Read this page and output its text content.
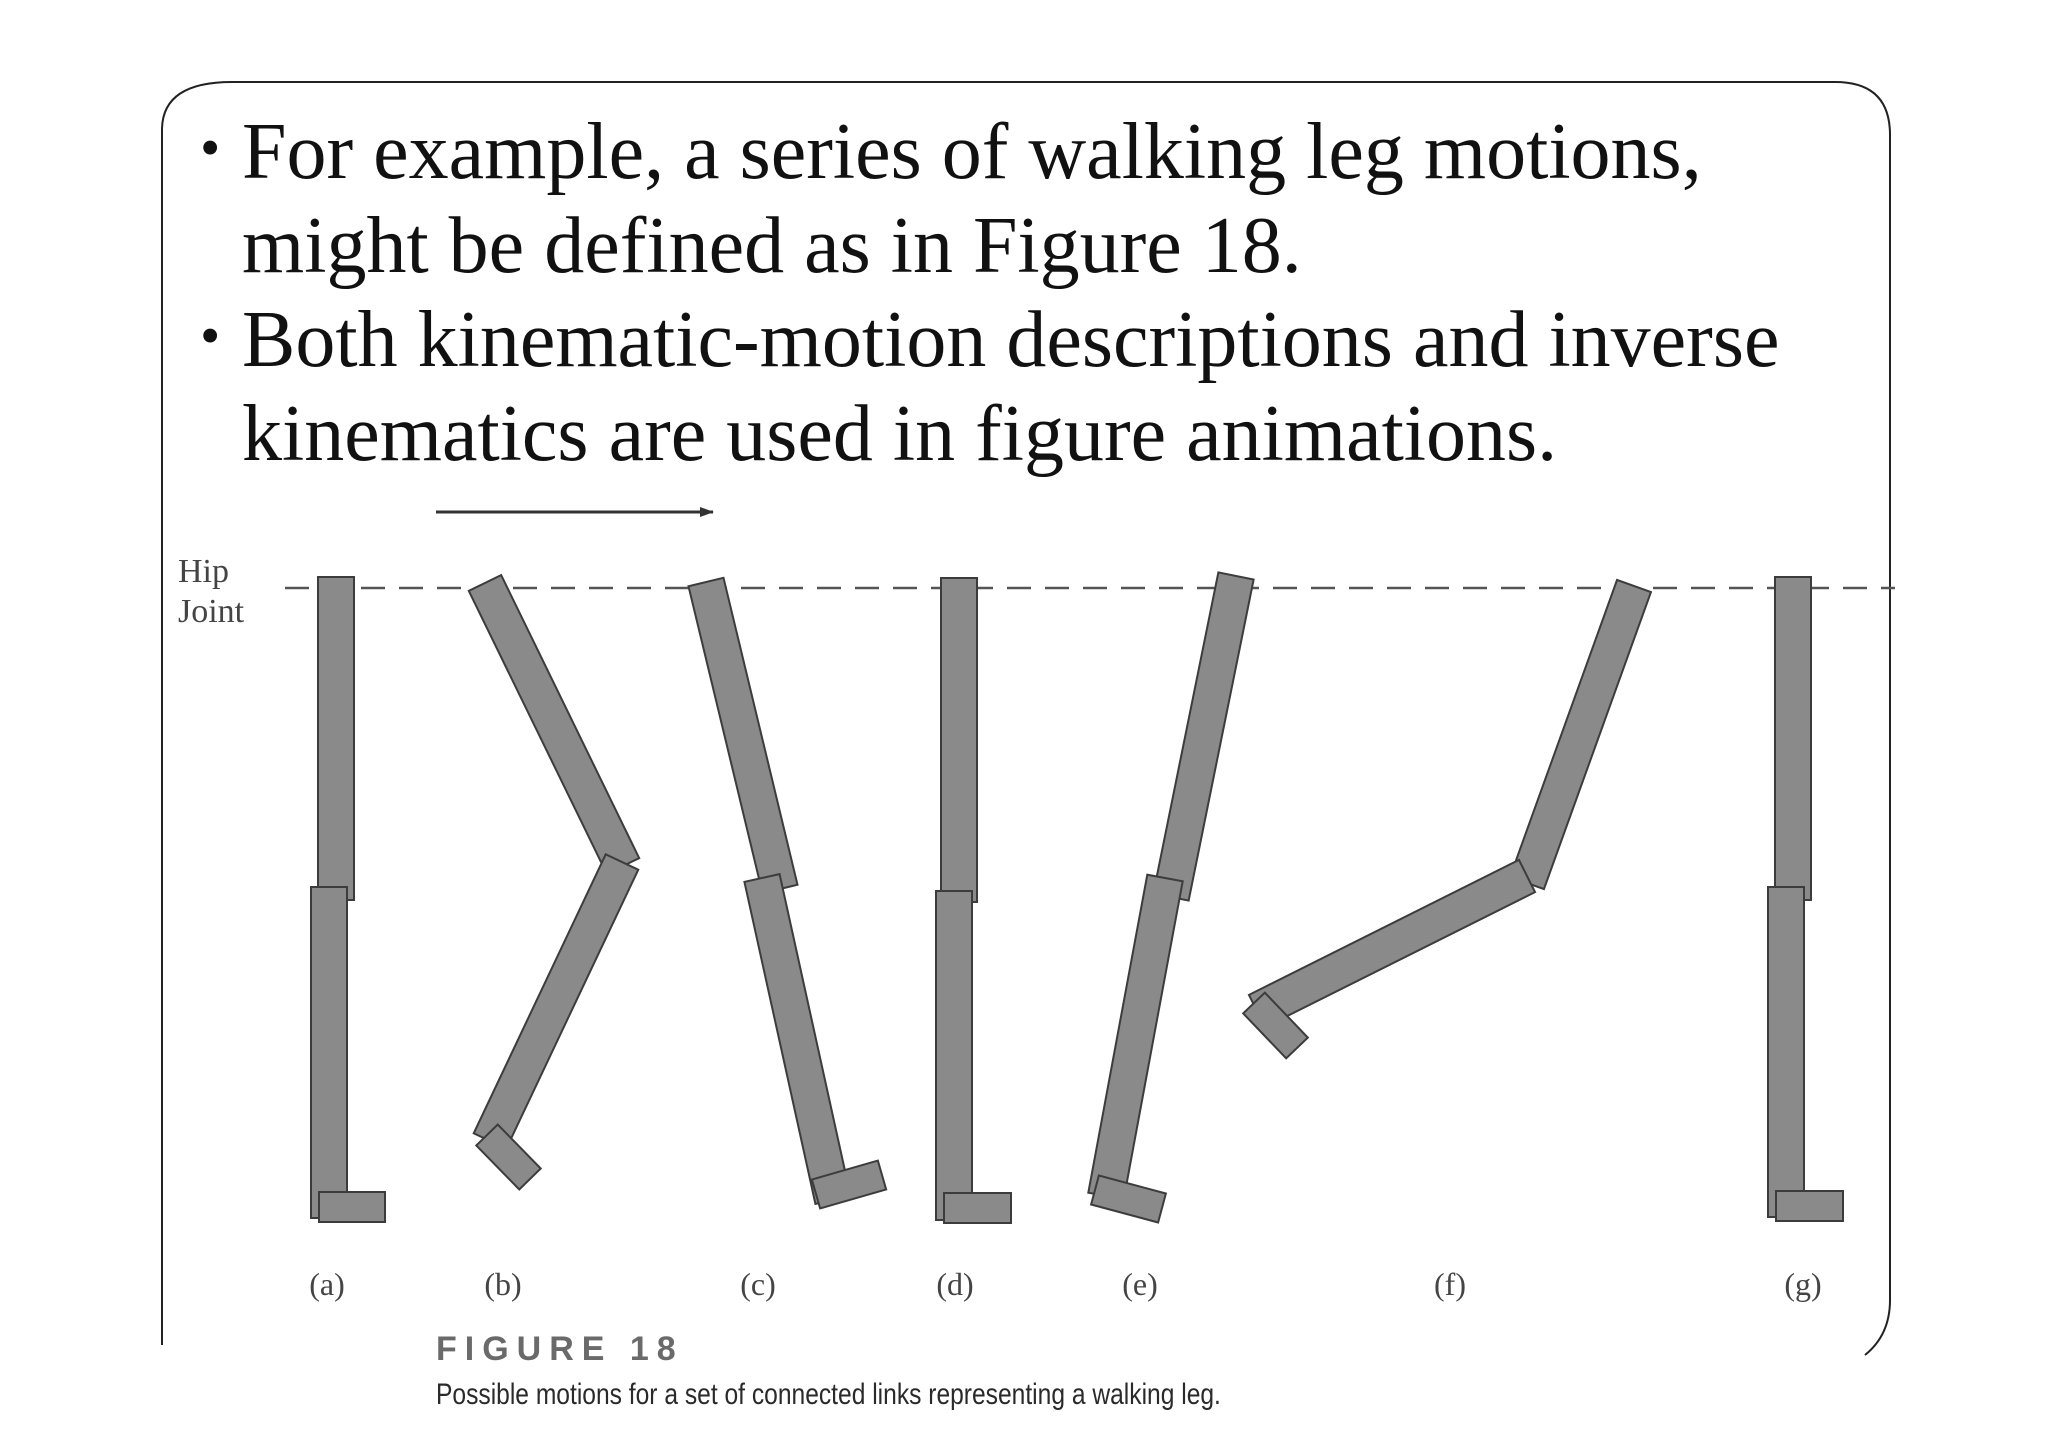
• For example, a series of walking leg motions, might be defined as in Figure 18.
• Both kinematic-motion descriptions and inverse kinematics are used in figure animations.
Hip Joint
(a)	(b)	(c)	(d)	(e)	(f)	(g)
FIGURE 18
Possible motions for a set of connected links representing a walking leg.
